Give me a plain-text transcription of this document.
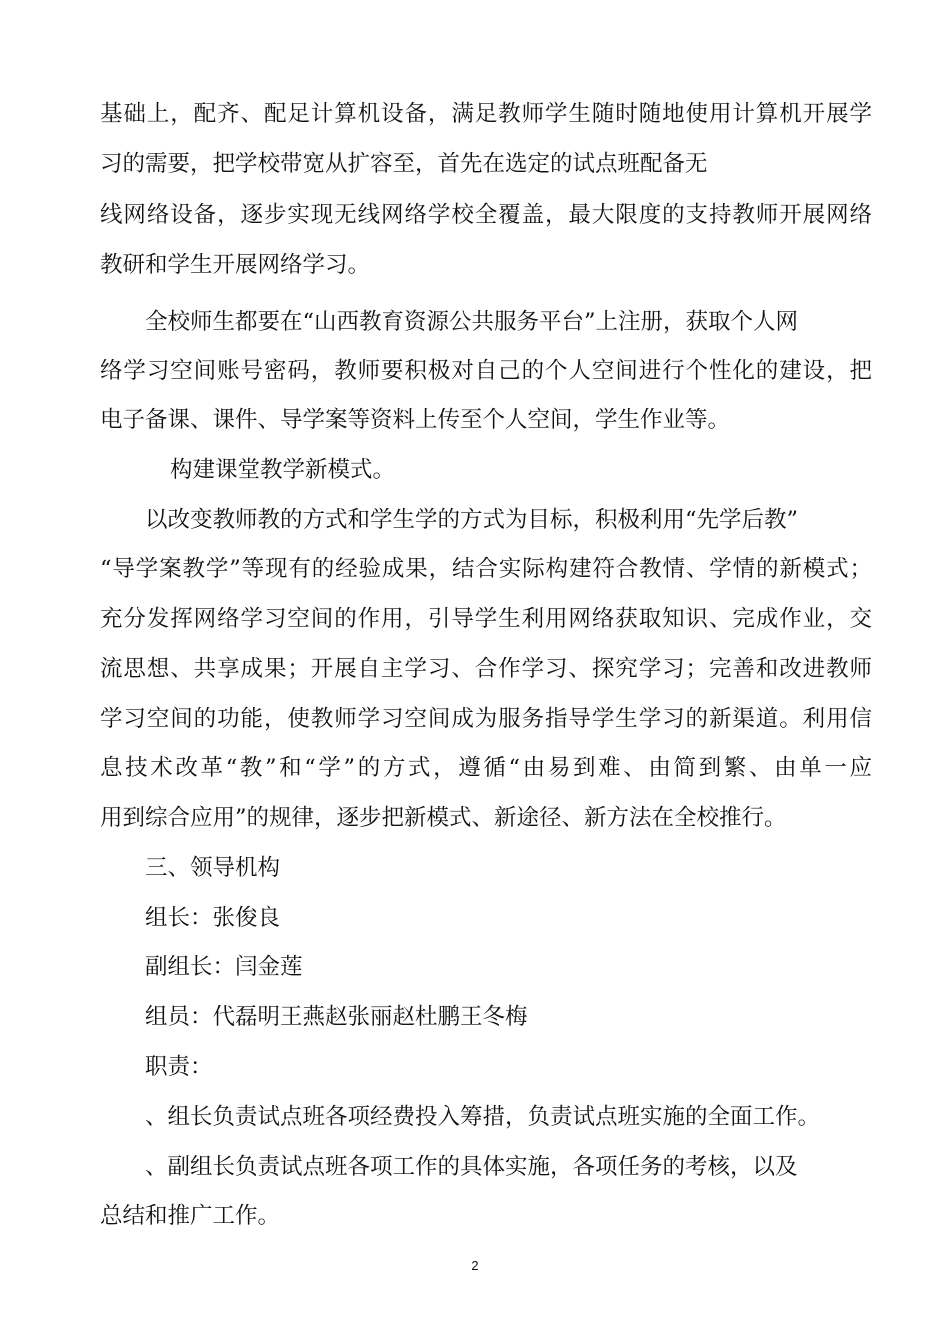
基础上，配齐、配足计算机设备，满足教师学生随时随地使用计算机开展学

习的需要，把学校带宽从扩容至，首先在选定的试点班配备无

线网络设备，逐步实现无线网络学校全覆盖，最大限度的支持教师开展网络

教研和学生开展网络学习。

全校师生都要在“山西教育资源公共服务平台”上注册，获取个人网

络学习空间账号密码，教师要积极对自己的个人空间进行个性化的建设，把

电子备课、课件、导学案等资料上传至个人空间，学生作业等。

构建课堂教学新模式。

以改变教师教的方式和学生学的方式为目标，积极利用“先学后教”

“导学案教学”等现有的经验成果，结合实际构建符合教情、学情的新模式；

充分发挥网络学习空间的作用，引导学生利用网络获取知识、完成作业，交

流思想、共享成果；开展自主学习、合作学习、探究学习；完善和改进教师

学习空间的功能，使教师学习空间成为服务指导学生学习的新渠道。利用信

息技术改革“教”和“学”的方式，遵循“由易到难、由简到繁、由单一应

用到综合应用”的规律，逐步把新模式、新途径、新方法在全校推行。

三、领导机构

组长：张俊良

副组长：闫金莲

组员：代磊明王燕赵张丽赵杜鹏王冬梅

职责：

、组长负责试点班各项经费投入筹措，负责试点班实施的全面工作。

、副组长负责试点班各项工作的具体实施，各项任务的考核，以及

总结和推广工作。

2
